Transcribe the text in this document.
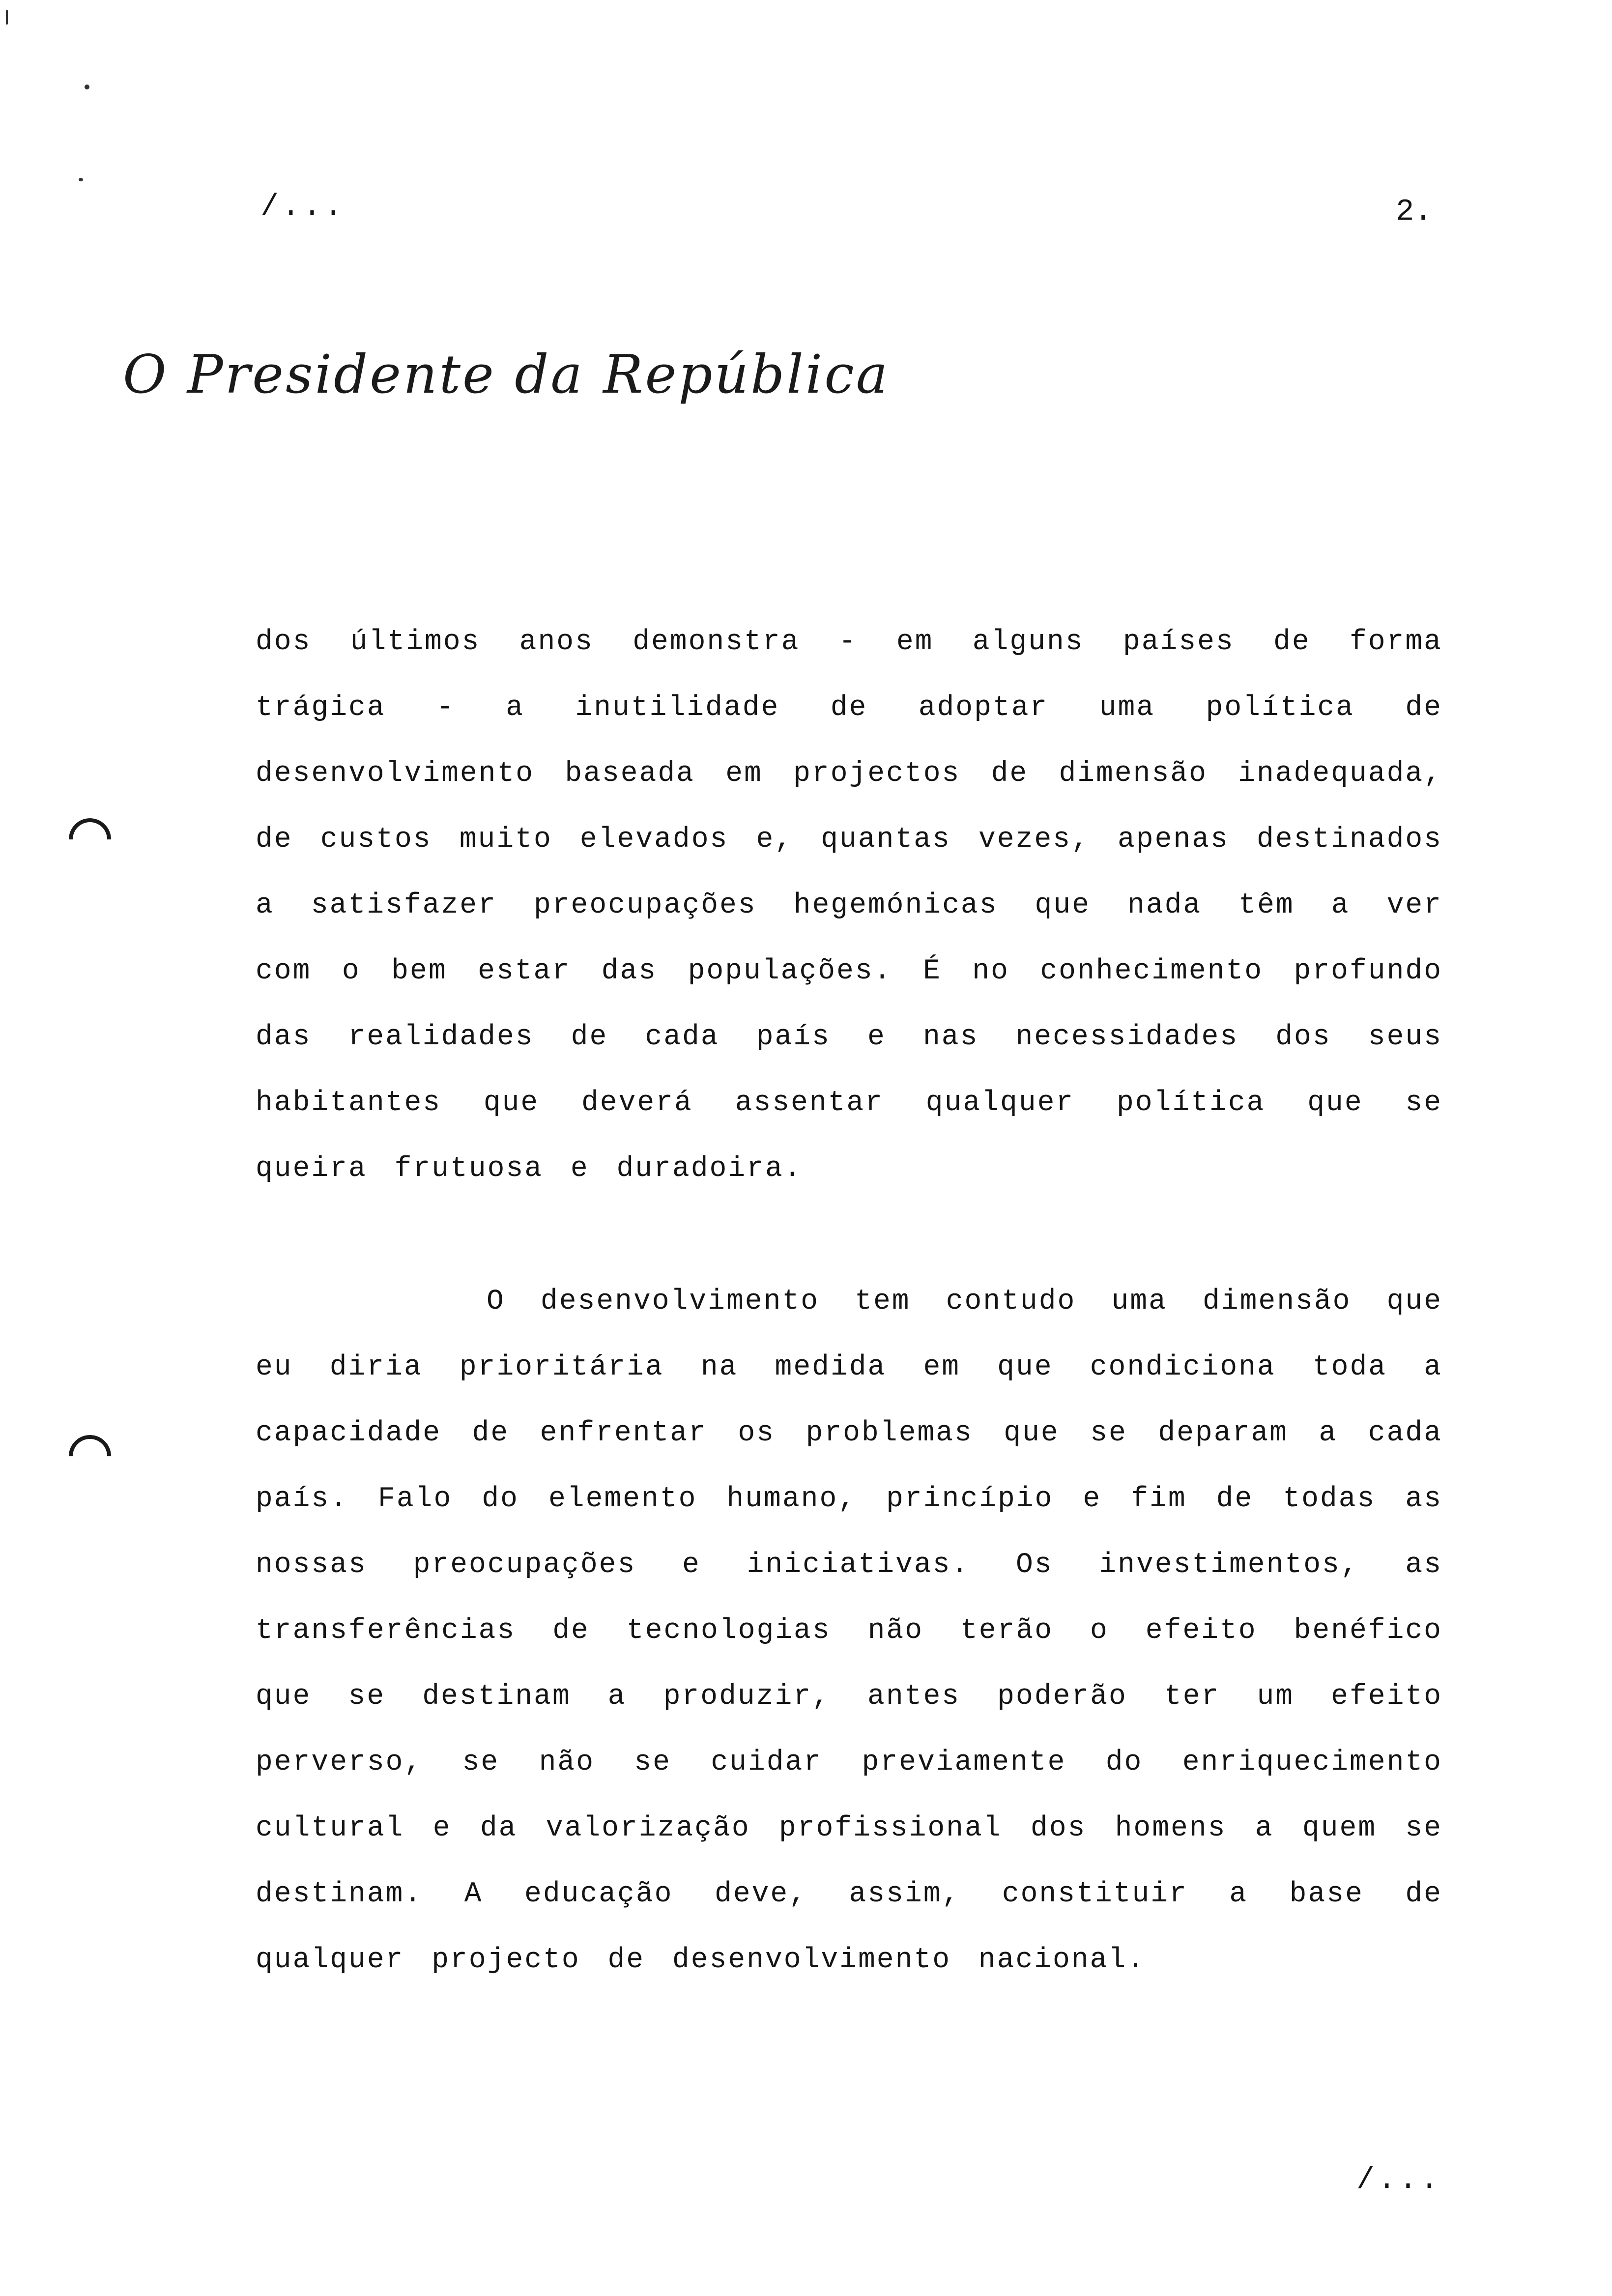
/...	2.
O Presidente da República

dos últimos anos demonstra - em alguns países de forma trágica - a inutilidade de adoptar uma política de desenvolvimento baseada em projectos de dimensão inadequada, de custos muito elevados e, quantas vezes, apenas destinados a satisfazer preocupações hegemónicas que nada têm a ver com o bem estar das populações. É no conhecimento profundo das realidades de cada país e nas necessidades dos seus habitantes que deverá assentar qualquer política que se queira frutuosa e duradoira.

O desenvolvimento tem contudo uma dimensão que eu diria prioritária na medida em que condiciona toda a capacidade de enfrentar os problemas que se deparam a cada país. Falo do elemento humano, princípio e fim de todas as nossas preocupações e iniciativas. Os investimentos, as transferências de tecnologias não terão o efeito benéfico que se destinam a produzir, antes poderão ter um efeito perverso, se não se cuidar previamente do enriquecimento cultural e da valorização profissional dos homens a quem se destinam. A educação deve, assim, constituir a base de qualquer projecto de desenvolvimento nacional.

/...
